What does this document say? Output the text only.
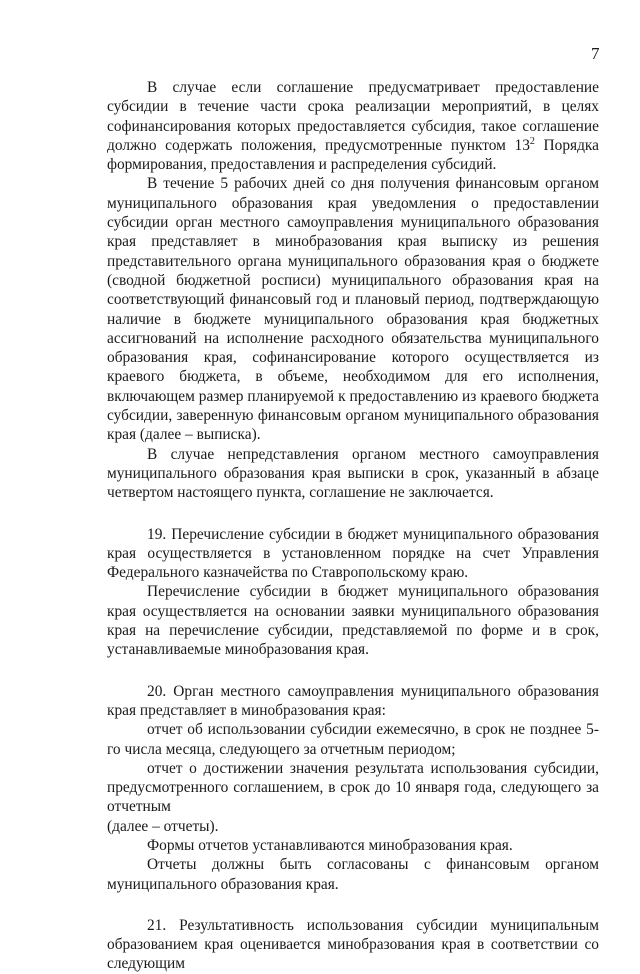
7

В случае если соглашение предусматривает предоставление субсидии в течение части срока реализации мероприятий, в целях софинансирования которых предоставляется субсидия, такое соглашение должно содержать положения, предусмотренные пунктом $13^2$ Порядка формирования, предоставления и распределения субсидий.

В течение 5 рабочих дней со дня получения финансовым органом муниципального образования края уведомления о предоставлении субсидии орган местного самоуправления муниципального образования края представляет в минобразования края выписку из решения представительного органа муниципального образования края о бюджете (сводной бюджетной росписи) муниципального образования края на соответствующий финансовый год и плановый период, подтверждающую наличие в бюджете муниципального образования края бюджетных ассигнований на исполнение расходного обязательства муниципального образования края, софинансирование которого осуществляется из краевого бюджета, в объеме, необходимом для его исполнения, включающем размер планируемой к предоставлению из краевого бюджета субсидии, заверенную финансовым органом муниципального образования края (далее – выписка).

В случае непредставления органом местного самоуправления муниципального образования края выписки в срок, указанный в абзаце четвертом настоящего пункта, соглашение не заключается.

19. Перечисление субсидии в бюджет муниципального образования края осуществляется в установленном порядке на счет Управления Федерального казначейства по Ставропольскому краю.

Перечисление субсидии в бюджет муниципального образования края осуществляется на основании заявки муниципального образования края на перечисление субсидии, представляемой по форме и в срок, устанавливаемые минобразования края.

20. Орган местного самоуправления муниципального образования края представляет в минобразования края:

отчет об использовании субсидии ежемесячно, в срок не позднее 5-го числа месяца, следующего за отчетным периодом;

отчет о достижении значения результата использования субсидии, предусмотренного соглашением, в срок до 10 января года, следующего за отчетным

(далее – отчеты).

Формы отчетов устанавливаются минобразования края.

Отчеты должны быть согласованы с финансовым органом муниципального образования края.

21. Результативность использования субсидии муниципальным образованием края оценивается минобразования края в соответствии со следующим
